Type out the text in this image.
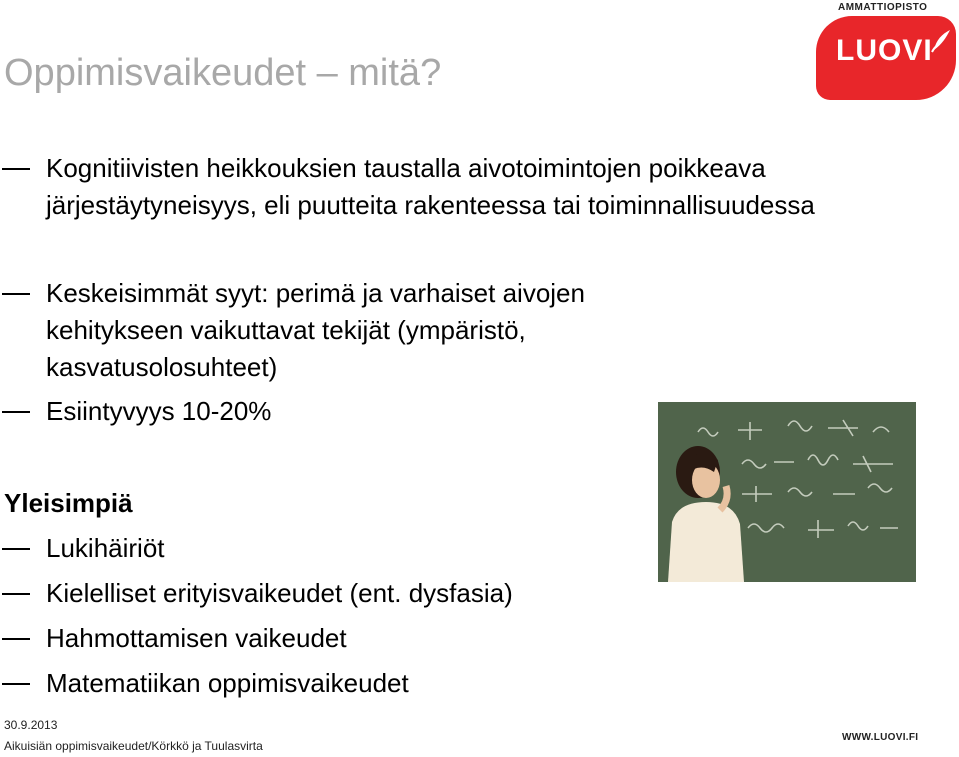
Oppimisvaikeudet – mitä?
Kognitiivisten heikkouksien taustalla aivotoimintojen poikkeava järjestäytyneisyys, eli puutteita rakenteessa tai toiminnallisuudessa
Keskeisimmät syyt: perimä ja varhaiset aivojen kehitykseen vaikuttavat tekijät (ympäristö, kasvatusolosuhteet)
Esiintyvyys 10-20%
Yleisimpiä
Lukihäiriöt
Kielelliset erityisvaikeudet (ent. dysfasia)
Hahmottamisen vaikeudet
Matematiikan oppimisvaikeudet
AMMATTIOPISTO
LUOVI
30.9.2013
Aikuisiän oppimisvaikeudet/Körkkö ja Tuulasvirta
WWW.LUOVI.FI
